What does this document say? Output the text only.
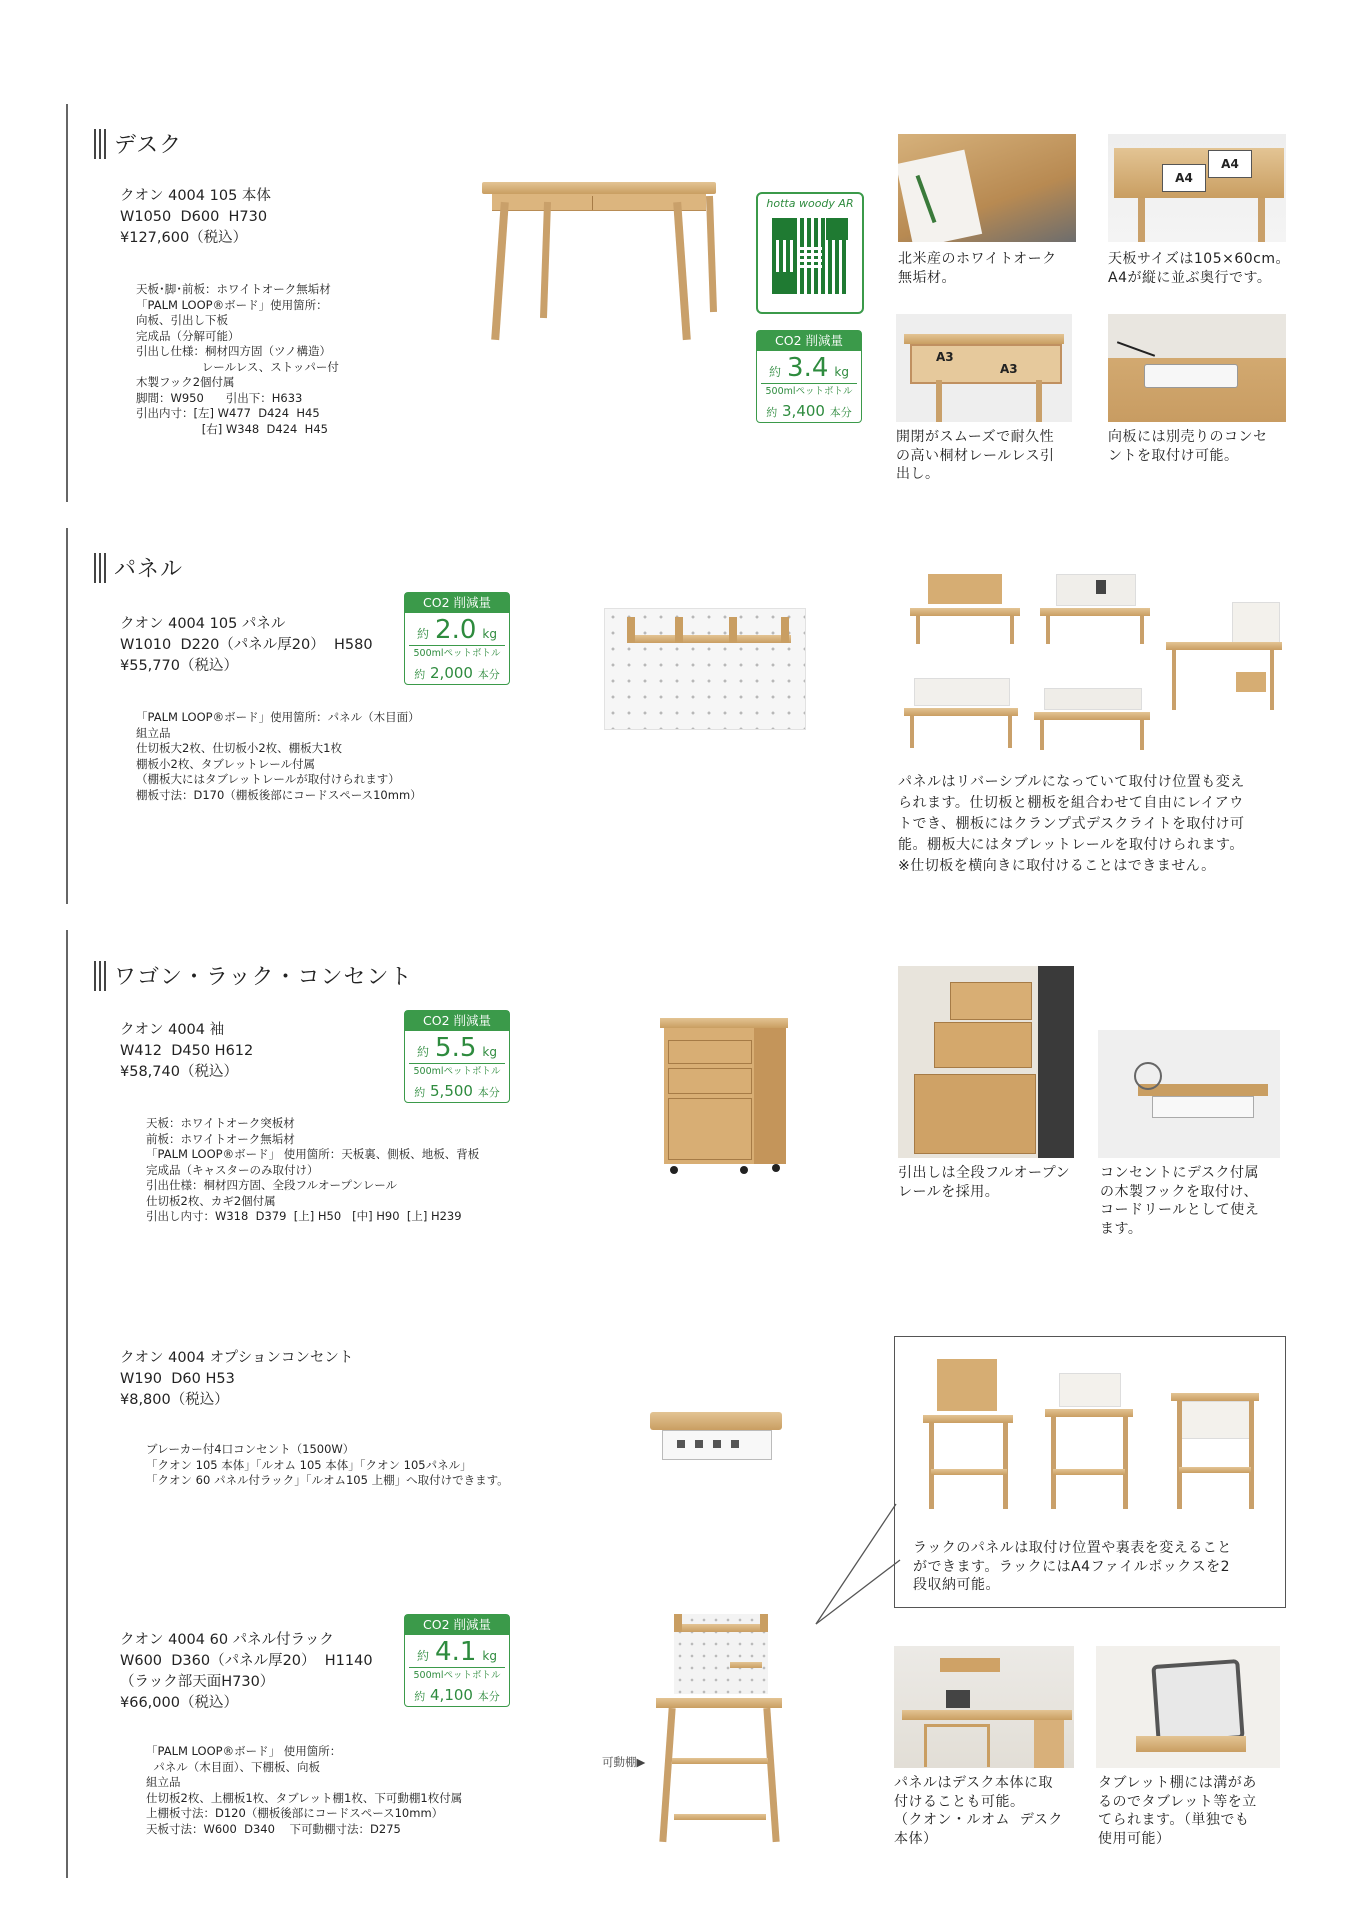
デスク
クオン 4004 105 本体
W1050  D600  H730
¥127,600（税込）
天板･脚･前板：ホワイトオーク無垢材
「PALM LOOP®ボード」使用箇所：
向板、引出し下板
完成品（分解可能）
引出し仕様：桐材四方固（ツノ構造）
レールレス、ストッパー付
木製フック2個付属
脚間：W950      引出下：H633
引出内寸：[左] W477  D424  H45
[右] W348  D424  H45
hotta woody AR
CO2 削減量
約 3.4 kg
500mlペットボトル
約 3,400 本分
A4
A4
北米産のホワイトオーク
無垢材。
天板サイズは105×60cm。
A4が縦に並ぶ奥行です。
A3
A3
開閉がスムーズで耐久性
の高い桐材レールレス引
出し。
向板には別売りのコンセ
ントを取付け可能。
パネル
クオン 4004 105 パネル
W1010  D220（パネル厚20）  H580
¥55,770（税込）
CO2 削減量
約 2.0 kg
500mlペットボトル
約 2,000 本分
「PALM LOOP®ボード」使用箇所：パネル（木目面）
組立品
仕切板大2枚、仕切板小2枚、棚板大1枚
棚板小2枚、タブレットレール付属
（棚板大にはタブレットレールが取付けられます）
棚板寸法：D170（棚板後部にコードスペース10mm）
パネルはリバーシブルになっていて取付け位置も変え
られます。仕切板と棚板を組合わせて自由にレイアウ
トでき、棚板にはクランプ式デスクライトを取付け可
能。棚板大にはタブレットレールを取付けられます。
※仕切板を横向きに取付けることはできません。
ワゴン・ラック・コンセント
クオン 4004 袖
W412  D450 H612
¥58,740（税込）
CO2 削減量
約 5.5 kg
500mlペットボトル
約 5,500 本分
天板：ホワイトオーク突板材
前板：ホワイトオーク無垢材
「PALM LOOP®ボード」 使用箇所：天板裏、側板、地板、背板
完成品（キャスターのみ取付け）
引出仕様：桐材四方固、全段フルオープンレール
仕切板2枚、カギ2個付属
引出し内寸：W318  D379  [上] H50   [中] H90  [上] H239
引出しは全段フルオープン
レールを採用。
コンセントにデスク付属
の木製フックを取付け、
コードリールとして使え
ます。
クオン 4004 オプションコンセント
W190  D60 H53
¥8,800（税込）
ブレーカー付4口コンセント（1500W）
「クオン 105 本体」「ルオム 105 本体」「クオン 105パネル」
「クオン 60 パネル付ラック」「ルオム105 上棚」へ取付けできます。
ラックのパネルは取付け位置や裏表を変えること
ができます。ラックにはA4ファイルボックスを2
段収納可能。
クオン 4004 60 パネル付ラック
W600  D360（パネル厚20）  H1140
（ラック部天面H730）
¥66,000（税込）
CO2 削減量
約 4.1 kg
500mlペットボトル
約 4,100 本分
「PALM LOOP®ボード」 使用箇所：
パネル（木目面）、下棚板、向板
組立品
仕切板2枚、上棚板1枚、タブレット棚1枚、下可動棚1枚付属
上棚板寸法：D120（棚板後部にコードスペース10mm）
天板寸法：W600  D340    下可動棚寸法：D275
可動棚▶
パネルはデスク本体に取
付けることも可能。
（クオン・ルオム  デスク
本体）
タブレット棚には溝があ
るのでタブレット等を立
てられます。（単独でも
使用可能）
